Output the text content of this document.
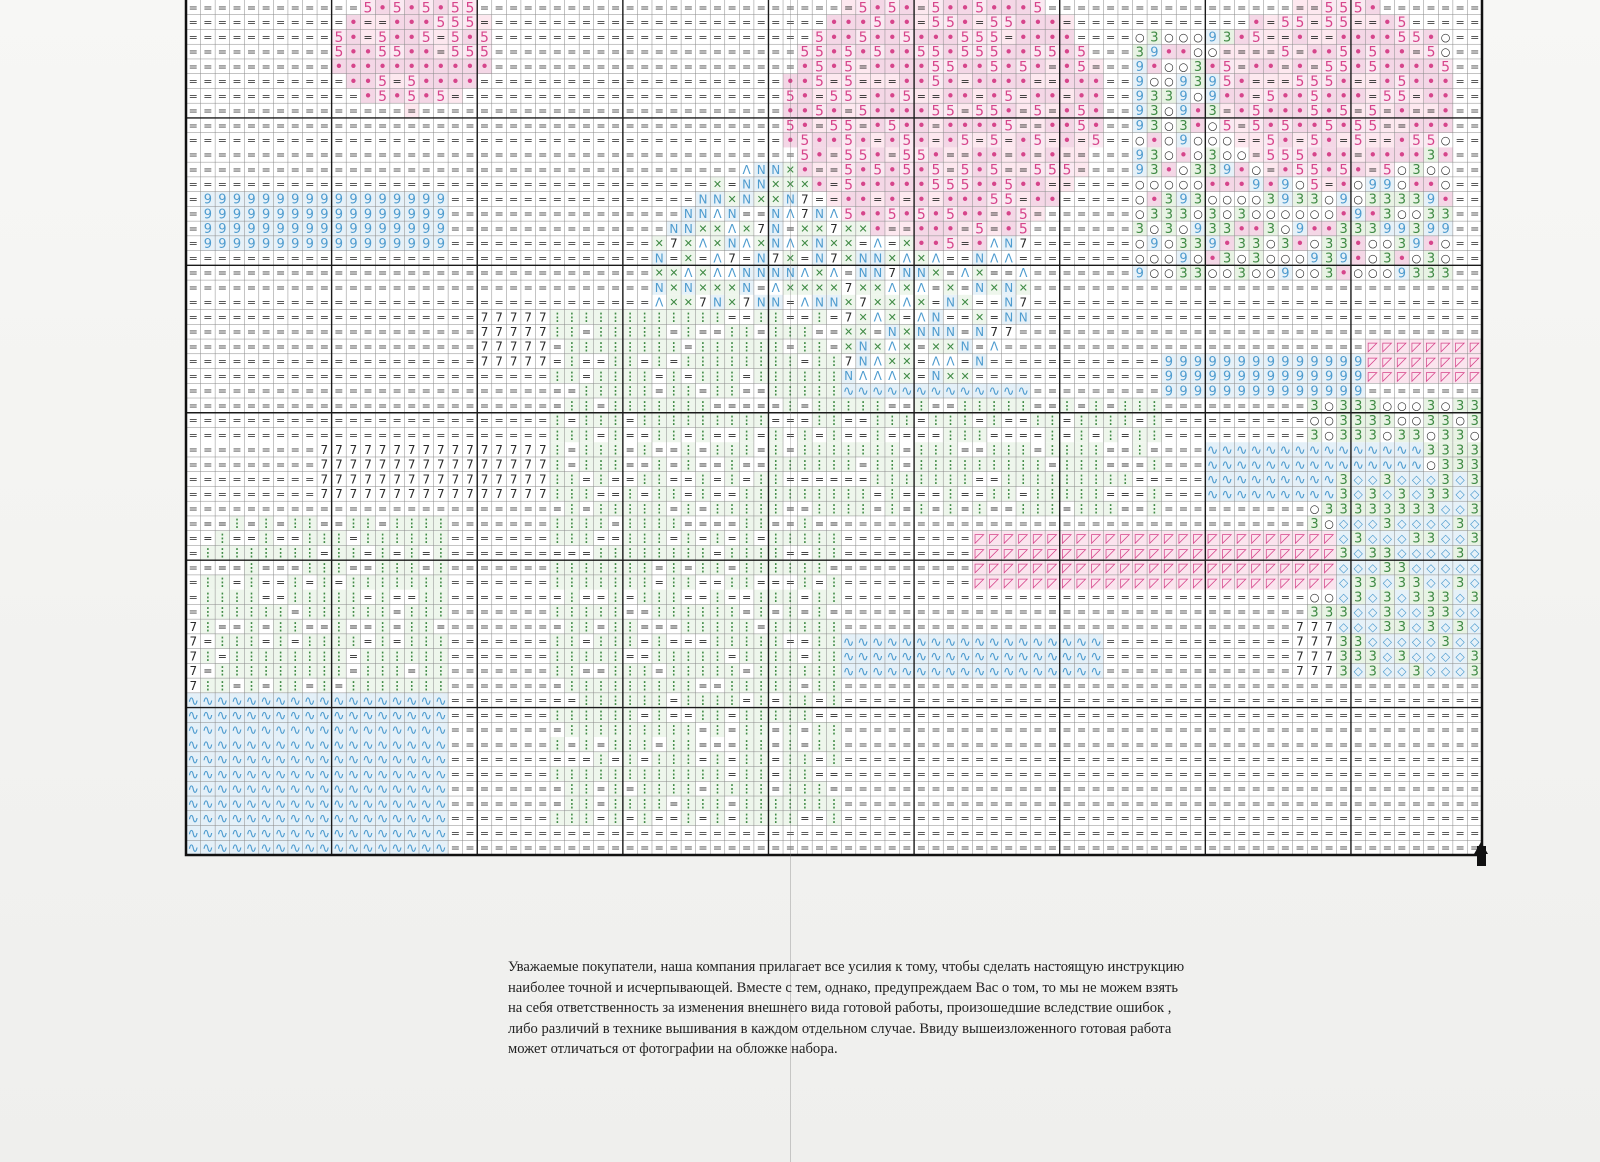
= = = = = = = = = = = = 5 • 5 • 5 • 5 5 = = = = = = = = = = = = = = = = = = = = = = = = = = 5 • 5 • = 5 • • 5 • • • 5 = = = = = = = = = = = = = = = = = = = 5 5 5 • = = = = = = =
= = = = = = = = = = = • = = • • • 5 5 5 = = = = = = = = = = = = = = = = = = = = = = = = • • • 5 • • = 5 5 • = 5 5 • • • = = = = = = = = = = = = = • = 5 5 = 5 5 = = • 5 = = = = =
= = = = = = = = = = 5 • = 5 • • 5 = 5 • 5 = = = = = = = = = = = = = = = = = = = = = = 5 • • 5 • • 5 • • • 5 5 5 = • • • • = = = = ○ 3 ○ ○ ○ 9 3 • 5 = = • = = • • • • 5 5 • ○ = =
= = = = = = = = = = 5 • • 5 5 • • = 5 5 5 = = = = = = = = = = = = = = = = = = = = = 5 5 • 5 • 5 • • 5 5 • 5 5 5 • • 5 5 • 5 = = = 3 9 • • ○ ○ = = = = 5 = • • 5 • 5 • • = 5 ○ = =
= = = = = = = = = = • • • • • • • • • • • = = = = = = = = = = = = = = = = = = = = = • 5 • 5 = • • • • 5 5 • • 5 • 5 • = • 5 = = = 9 • ○ ○ 3 • 5 = • • = • = 5 5 • 5 • • • • 5 = =
= = = = = = = = = = = • • 5 = 5 • • • • = = = = = = = = = = = = = = = = = = = = = • • 5 = 5 = = = • • 5 • = • • • • = = • • • = = 9 ○ ○ 9 3 9 5 • = = = 5 5 5 • = = • 5 • • • = =
= = = = = = = = = = = = • 5 • 5 • 5 = = = = = = = = = = = = = = = = = = = = = = = 5 • = 5 5 = • • 5 = = • • = • 5 = • • = • • = = 9 3 3 9 ○ 9 • • = 5 • • 5 • • • = 5 5 = • • = =
= = = = = = = = = = = = = = = = = = = = = = = = = = = = = = = = = = = = = = = = = • • 5 • = 5 • • • • 5 5 = 5 5 • = 5 = • 5 • = = 9 3 ○ 9 • 3 = • 5 • • • 5 • 5 = 5 = • = = • = =
= = = = = = = = = = = = = = = = = = = = = = = = = = = = = = = = = = = = = = = = = 5 • = 5 5 = • 5 • • = • • • • 5 = = • • 5 • = = 9 3 ○ 3 • ○ 5 = 5 • 5 • • 5 • 5 5 = = • • • = =
= = = = = = = = = = = = = = = = = = = = = = = = = = = = = = = = = = = = = = = = = • 5 • • 5 • = • 5 • = • 5 = 5 = • 5 = • = 5 = = ○ • ○ 9 ○ ○ ○ = = 5 • = 5 • = 5 = = • 5 5 ○ = =
= = = = = = = = = = = = = = = = = = = = = = = = = = = = = = = = = = = = = = = = = = 5 • = 5 5 • = 5 5 • = = • • = • = • = = = = = 9 3 ○ • ○ 3 ○ ○ = 5 5 5 • • • = • • • • 3 • = =
= = = = = = = = = = = = = = = = = = = = = = = = = = = = = = = = = = = = = = Λ Ν Ν ✕ • = = 5 • 5 • 5 • 5 = 5 • 5 = = 5 5 5 = = = = 9 3 • ○ 3 3 9 • ○ = • 5 5 • 5 • = 5 ○ 3 ○ ○ = =
= = = = = = = = = = = = = = = = = = = = = = = = = = = = = = = = = = = = ✕ = Ν Ν ✕ ✕ ✕ • = 5 • • • • • 5 5 5 • • 5 • • = = = = = = ○ ○ ○ ○ ○ • • • 9 • 9 ○ 5 = • ○ 9 9 ○ • • ○ = =
= 9 9 9 9 9 9 9 9 9 9 9 9 9 9 9 9 9 = = = = = = = = = = = = = = = = = Ν Ν ✕ Ν ✕ ✕ Ν 7 = = • • = • = • = • • • 5 5 = • • = = = = = ○ • 3 9 3 ○ ○ ○ ○ 3 9 3 3 ○ 9 ○ 3 3 3 3 9 • = =
= 9 9 9 9 9 9 9 9 9 9 9 9 9 9 9 9 9 = = = = = = = = = = = = = = = = Ν Ν Λ Ν = = Ν Λ 7 Ν Λ 5 • • 5 • 5 • 5 • • = • 5 = = = = = = = ○ 3 3 3 ○ 3 ○ 3 ○ ○ ○ ○ ○ ○ • 9 • 3 ○ ○ 3 3 = =
= 9 9 9 9 9 9 9 9 9 9 9 9 9 9 9 9 9 = = = = = = = = = = = = = = = Ν Ν ✕ ✕ Λ ✕ 7 Ν = ✕ ✕ 7 ✕ ✕ • = = • • • = 5 = • 5 = = = = = = = 3 ○ 3 ○ 9 3 3 • • 3 ○ 9 • • 3 3 3 9 9 3 9 9 = =
= 9 9 9 9 9 9 9 9 9 9 9 9 9 9 9 9 9 = = = = = = = = = = = = = = ✕ 7 ✕ Λ ✕ Ν Λ ✕ Ν Λ ✕ Ν ✕ ✕ = Λ = ✕ • • 5 = • Λ Ν 7 = = = = = = = ○ 9 ○ 3 3 9 • 3 3 ○ 3 • ○ 3 3 • ○ ○ 3 9 • ○ = =
= = = = = = = = = = = = = = = = = = = = = = = = = = = = = = = = Ν = ✕ = Λ 7 = Ν 7 ✕ = Ν 7 ✕ Ν Ν ✕ Λ ✕ Λ = = Ν Λ Λ = = = = = = = = ○ ○ ○ 9 ○ • 3 ○ 3 ○ ○ ○ 9 3 9 • ○ 3 • ○ 3 ○ = =
= = = = = = = = = = = = = = = = = = = = = = = = = = = = = = = = ✕ ✕ Λ ✕ Λ Λ Ν Ν Ν Ν Λ ✕ Λ = Ν Ν 7 Ν Ν ✕ = Λ ✕ = = Λ = = = = = = = 9 ○ ○ 3 3 ○ ○ 3 ○ ○ 9 ○ ○ 3 • ○ ○ ○ 9 3 3 3 = =
= = = = = = = = = = = = = = = = = = = = = = = = = = = = = = = = Ν ✕ Ν ✕ ✕ ✕ Ν = Λ ✕ ✕ ✕ ✕ 7 ✕ ✕ Λ ✕ Λ = ✕ = Ν ✕ Ν ✕ = = = = = = = = = = = = = = = = = = = = = = = = = = = = = = =
= = = = = = = = = = = = = = = = = = = = = = = = = = = = = = = = Λ ✕ ✕ 7 Ν ✕ 7 Ν Ν = Λ Ν Ν ✕ 7 ✕ ✕ Λ ✕ = Ν ✕ = = Ν 7 = = = = = = = = = = = = = = = = = = = = = = = = = = = = = = =
= = = = = = = = = = = = = = = = = = = = 7 7 7 7 7 ⁝ ⁝ ⁝ ⁝ ⁝ ⁝ ⁝ ⁝ ⁝ ⁝ ⁝ ⁝ = = ⁝ ⁝ = = ⁝ = 7 ✕ Λ ✕ = Λ Ν = = ✕ = Ν Ν = = = = = = = = = = = = = = = = = = = = = = = = = = = = = = =
= = = = = = = = = = = = = = = = = = = = 7 7 7 7 7 ⁝ ⁝ = ⁝ ⁝ ⁝ ⁝ ⁝ = ⁝ = = ⁝ ⁝ = ⁝ ⁝ ⁝ = = ✕ ✕ = Ν ✕ Ν Ν Ν = Ν 7 7 = = = = = = = = = = = = = = = = = = = = = = = = = = = = = = = =
= = = = = = = = = = = = = = = = = = = = 7 7 7 7 7 = ⁝ ⁝ ⁝ ⁝ ⁝ ⁝ ⁝ ⁝ = ⁝ ⁝ ⁝ ⁝ ⁝ ⁝ = ⁝ ⁝ = ✕ Ν ✕ Λ ✕ = ✕ ✕ Ν = Λ = = = = = = = = = = = = = = = = = = = = = = = = = ◸ ◸ ◸ ◸ ◸ ◸ ◸ ◸
= = = = = = = = = = = = = = = = = = = = 7 7 7 7 7 = ⁝ = = ⁝ ⁝ = ⁝ = ⁝ ⁝ ⁝ ⁝ ⁝ ⁝ ⁝ ⁝ = ⁝ ⁝ 7 Ν Λ ✕ ✕ = Λ Λ = Ν = = = = = = = = = = = = 9 9 9 9 9 9 9 9 9 9 9 9 9 9 ◸ ◸ ◸ ◸ ◸ ◸ ◸ ◸
= = = = = = = = = = = = = = = = = = = = = = = = = ⁝ ⁝ = ⁝ ⁝ ⁝ ⁝ = ⁝ = ⁝ ⁝ ⁝ = ⁝ ⁝ ⁝ ⁝ ⁝ ⁝ Ν Λ Λ Λ ✕ = Ν ✕ ✕ = = = = = = = = = = = = = 9 9 9 9 9 9 9 9 9 9 9 9 9 9 ◸ ◸ ◸ ◸ ◸ ◸ ◸ ◸
= = = = = = = = = = = = = = = = = = = = = = = = = = = ⁝ ⁝ ⁝ ⁝ ⁝ = ⁝ ⁝ = ⁝ ⁝ = = ⁝ ⁝ ⁝ ⁝ ⁝ ∿ ∿ ∿ ∿ ∿ ∿ ∿ ∿ ∿ ∿ ∿ ∿ ∿ = = = = = = = = = 9 9 9 9 9 9 9 9 9 9 9 9 9 9 = = = = = = = =
= = = = = = = = = = = = = = = = = = = = = = = = = = ⁝ ⁝ = ⁝ ⁝ ⁝ ⁝ ⁝ ⁝ ⁝ = = = = = ⁝ = ⁝ ⁝ ⁝ ⁝ ⁝ = = ⁝ = = ⁝ ⁝ ⁝ ⁝ ⁝ = = ⁝ = ⁝ = ⁝ ⁝ ⁝ = = = = = = = = = = 3 ○ 3 3 3 ○ ○ ○ 3 ○ 3 3
= = = = = = = = = = = = = = = = = = = = = = = = = ⁝ = ⁝ ⁝ ⁝ = ⁝ ⁝ ⁝ ⁝ ⁝ ⁝ ⁝ ⁝ ⁝ = = = ⁝ ⁝ = = ⁝ ⁝ ⁝ = ⁝ ⁝ ⁝ = ⁝ = = ⁝ ⁝ = ⁝ ⁝ ⁝ ⁝ = ⁝ = = = = = = = = = = ○ ○ 3 3 3 3 ○ ○ 3 3 ○ 3
= = = = = = = = = = = = = = = = = = = = = = = = = ⁝ ⁝ ⁝ = ⁝ = = ⁝ ⁝ = ⁝ = = ⁝ = ⁝ = ⁝ = ⁝ = = ⁝ = = = = ⁝ ⁝ ⁝ = = = = ⁝ = ⁝ = ⁝ = ⁝ ⁝ = = = = = = = = = = 3 ○ 3 3 3 ○ 3 3 ○ 3 3 ○
= = = = = = = = = 7 7 7 7 7 7 7 7 7 7 7 7 7 7 7 7 ⁝ = ⁝ ⁝ ⁝ = ⁝ = = ⁝ = ⁝ ⁝ ⁝ = ⁝ = ⁝ ⁝ ⁝ ⁝ ⁝ ⁝ ⁝ = ⁝ ⁝ ⁝ = = ⁝ ⁝ ⁝ = ⁝ ⁝ ⁝ ⁝ = = ⁝ = = = = ∿ ∿ ∿ ∿ ∿ ∿ ∿ ∿ ∿ ∿ ∿ ∿ ∿ ∿ ∿ 3 3 3 3
= = = = = = = = = 7 7 7 7 7 7 7 7 7 7 7 7 7 7 7 7 ⁝ = ⁝ ⁝ ⁝ = = ⁝ = ⁝ = = ⁝ = = ⁝ ⁝ ⁝ ⁝ ⁝ ⁝ = ⁝ ⁝ = ⁝ ⁝ ⁝ ⁝ ⁝ ⁝ ⁝ ⁝ ⁝ = ⁝ ⁝ ⁝ = = = ⁝ = = = ∿ ∿ ∿ ∿ ∿ ∿ ∿ ∿ ∿ ∿ ∿ ∿ ∿ ∿ ∿ ○ 3 3 3
= = = = = = = = = 7 7 7 7 7 7 7 7 7 7 7 7 7 7 7 7 ⁝ ⁝ = ⁝ = = ⁝ ⁝ = = ⁝ = ⁝ = ⁝ ⁝ = = = = = = ⁝ ⁝ ⁝ ⁝ ⁝ ⁝ ⁝ = = ⁝ ⁝ ⁝ ⁝ ⁝ ⁝ ⁝ ⁝ ⁝ = = = = = ∿ ∿ ∿ ∿ ∿ ∿ ∿ ∿ ∿ 3 ◇ ◇ 3 ◇ ◇ ◇ 3 ◇ 3
= = = = = = = = = 7 7 7 7 7 7 7 7 7 7 7 7 7 7 7 7 ⁝ ⁝ ⁝ = = ⁝ = ⁝ ⁝ = ⁝ = = ⁝ ⁝ ⁝ ⁝ ⁝ ⁝ ⁝ ⁝ ⁝ = ⁝ = = = ⁝ = = ⁝ ⁝ = ⁝ ⁝ ⁝ ⁝ ⁝ = = = ⁝ = = = ∿ ∿ ∿ ∿ ∿ ∿ ∿ ∿ ∿ 3 ◇ 3 ◇ 3 ◇ 3 3 ◇ ◇
= = = = = = = = = = = = = = = = = = = = = = = = = = ⁝ = ⁝ ⁝ ⁝ ⁝ ⁝ = ⁝ = ⁝ ⁝ ⁝ ⁝ ⁝ = = ⁝ ⁝ ⁝ ⁝ = ⁝ = ⁝ = ⁝ = ⁝ = = ⁝ ⁝ ⁝ = ⁝ ⁝ ⁝ = = ⁝ = = = = = = = = = = ○ 3 3 3 3 3 3 3 3 ◇ ◇ 3
= = = ⁝ = ⁝ = ⁝ ⁝ = = ⁝ ⁝ = ⁝ ⁝ ⁝ ⁝ = = = = = = = ⁝ ⁝ ⁝ ⁝ = ⁝ ⁝ ⁝ ⁝ = = = = ⁝ ⁝ = = ⁝ = = = = = = = = = = = = = = = = = = = = = = = = = = = = = = = = = = 3 ○ ◇ ◇ ◇ 3 ◇ ◇ ◇ ◇ 3 ◇
= = ⁝ = = ⁝ = = ⁝ ⁝ ⁝ = ⁝ ⁝ ⁝ ⁝ ⁝ ⁝ = = = = = = = ⁝ ⁝ ⁝ = = ⁝ ⁝ ⁝ = ⁝ = ⁝ = ⁝ = ⁝ ⁝ ⁝ ⁝ ⁝ = = = = = = = = = ◸ ◸ ◸ ◸ ◸ ◸ ◸ ◸ ◸ ◸ ◸ ◸ ◸ ◸ ◸ ◸ ◸ ◸ ◸ ◸ ◸ ◸ ◸ ◸ ◸ ◇ 3 ◇ ◇ ◇ 3 3 ◇ ◇ 3
= ⁝ ⁝ ⁝ ⁝ ⁝ ⁝ ⁝ ⁝ = ⁝ ⁝ = ⁝ = ⁝ = ⁝ = = = = = = = = = = ⁝ ⁝ ⁝ ⁝ ⁝ ⁝ ⁝ ⁝ = ⁝ ⁝ ⁝ ⁝ = = ⁝ ⁝ = = = = = = = = = ◸ ◸ ◸ ◸ ◸ ◸ ◸ ◸ ◸ ◸ ◸ ◸ ◸ ◸ ◸ ◸ ◸ ◸ ◸ ◸ ◸ ◸ ◸ ◸ ◸ 3 ◇ 3 3 ◇ ◇ ◇ ◇ 3 ◇
= = = = ⁝ = = = ⁝ ⁝ ⁝ = = ⁝ ⁝ ⁝ = ⁝ = = = = = = = ⁝ ⁝ ⁝ ⁝ ⁝ ⁝ ⁝ = ⁝ = ⁝ ⁝ = ⁝ ⁝ ⁝ ⁝ ⁝ ⁝ = = = = = = = = = = ◸ ◸ ◸ ◸ ◸ ◸ ◸ ◸ ◸ ◸ ◸ ◸ ◸ ◸ ◸ ◸ ◸ ◸ ◸ ◸ ◸ ◸ ◸ ◸ ◸ ◇ ◇ ◇ 3 3 ◇ ◇ ◇ ◇ ◇
= ⁝ ⁝ = ⁝ = = ⁝ = ⁝ = ⁝ ⁝ ⁝ ⁝ ⁝ ⁝ ⁝ = = = = = = = ⁝ ⁝ ⁝ ⁝ ⁝ ⁝ ⁝ = ⁝ ⁝ = = ⁝ ⁝ = = = ⁝ = ⁝ = = = = = = = = = ◸ ◸ ◸ ◸ ◸ ◸ ◸ ◸ ◸ ◸ ◸ ◸ ◸ ◸ ◸ ◸ ◸ ◸ ◸ ◸ ◸ ◸ ◸ ◸ ◸ ◇ 3 3 ◇ 3 3 ◇ ◇ 3 ◇
= ⁝ ⁝ ⁝ ⁝ = = ⁝ ⁝ ⁝ ⁝ ⁝ = ⁝ = = ⁝ ⁝ = = = = = = = = ⁝ = = ⁝ = ⁝ ⁝ ⁝ = = ⁝ = = ⁝ ⁝ ⁝ = ⁝ ⁝ = = = = = = = = = = = = = = = = = = = = = = = = = = = = = = = = ○ ○ ◇ 3 ◇ 3 ◇ 3 3 3 ◇ 3
= ⁝ ⁝ ⁝ ⁝ ⁝ ⁝ = ⁝ ⁝ ⁝ ⁝ ⁝ ⁝ = ⁝ ⁝ ⁝ = = = = = = = ⁝ ⁝ ⁝ ⁝ ⁝ = = ⁝ ⁝ ⁝ ⁝ ⁝ ⁝ = ⁝ = ⁝ = ⁝ = = = = = = = = = = = = = = = = = = = = = = = = = = = = = = = = = 3 3 3 ◇ ◇ 3 ◇ ◇ 3 3 ◇ ◇
7 ⁝ = = ⁝ = ⁝ ⁝ = = ⁝ = = ⁝ = ⁝ ⁝ = = = = = = = = = ⁝ ⁝ = ⁝ ⁝ = = = ⁝ ⁝ ⁝ ⁝ ⁝ = ⁝ ⁝ ⁝ ⁝ ⁝ = = = = = = = = = = = = = = = = = = = = = = = = = = = = = = = 7 7 7 ◇ ◇ ◇ 3 3 ◇ 3 ◇ 3 ◇
7 = ⁝ ⁝ ⁝ = ⁝ = ⁝ ⁝ ⁝ ⁝ = ⁝ = ⁝ ⁝ ⁝ = = = = = = = ⁝ ⁝ = ⁝ ⁝ ⁝ = ⁝ = = = ⁝ ⁝ ⁝ ⁝ ⁝ = = ⁝ ⁝ ∿ ∿ ∿ ∿ ∿ ∿ ∿ ∿ ∿ ∿ ∿ ∿ ∿ ∿ ∿ ∿ ∿ ∿ = = = = = = = = = = = = = 7 7 7 3 3 ◇ ◇ ◇ ◇ ◇ 3 ◇ ◇
7 ⁝ = ⁝ ⁝ ⁝ ⁝ ⁝ ⁝ ⁝ ⁝ = ⁝ ⁝ ⁝ ⁝ ⁝ ⁝ = = = = = = = ⁝ ⁝ ⁝ ⁝ ⁝ = = ⁝ ⁝ ⁝ ⁝ ⁝ = ⁝ ⁝ ⁝ ⁝ = ⁝ ⁝ ∿ ∿ ∿ ∿ ∿ ∿ ∿ ∿ ∿ ∿ ∿ ∿ ∿ ∿ ∿ ∿ ∿ ∿ = = = = = = = = = = = = = 7 7 7 3 3 3 ◇ 3 ◇ ◇ ◇ ◇ 3
7 = ⁝ ⁝ ⁝ ⁝ ⁝ ⁝ ⁝ ⁝ ⁝ = ⁝ ⁝ ⁝ = ⁝ ⁝ = = = = = = = ⁝ ⁝ = = ⁝ ⁝ ⁝ = ⁝ ⁝ ⁝ ⁝ ⁝ = ⁝ ⁝ ⁝ ⁝ ⁝ ⁝ ∿ ∿ ∿ ∿ ∿ ∿ ∿ ∿ ∿ ∿ ∿ ∿ ∿ ∿ ∿ ∿ ∿ ∿ = = = = = = = = = = = = = 7 7 7 3 ◇ 3 ◇ ◇ 3 ◇ ◇ ◇ 3
7 ⁝ ⁝ = ⁝ = ⁝ ⁝ = ⁝ = ⁝ ⁝ ⁝ ⁝ ⁝ ⁝ ⁝ = = = = = = = = ⁝ ⁝ ⁝ ⁝ ⁝ ⁝ ⁝ ⁝ ⁝ = = ⁝ ⁝ ⁝ ⁝ ⁝ = ⁝ ⁝ = = = = = = = = = = = = = = = = = = = = = = = = = = = = = = = = = = = = = = = = = = = =
∿ ∿ ∿ ∿ ∿ ∿ ∿ ∿ ∿ ∿ ∿ ∿ ∿ ∿ ∿ ∿ ∿ ∿ = = = = = = = = = ⁝ ⁝ ⁝ ⁝ ⁝ ⁝ = ⁝ ⁝ ⁝ ⁝ = ⁝ = ⁝ ⁝ = ⁝ = = = = = = = = = = = = = = = = = = = = = = = = = = = = = = = = = = = = = = = = = = = =
∿ ∿ ∿ ∿ ∿ ∿ ∿ ∿ ∿ ∿ ∿ ∿ ∿ ∿ ∿ ∿ ∿ ∿ = = = = = = = ⁝ ⁝ ⁝ ⁝ ⁝ ⁝ = ⁝ = = ⁝ ⁝ = ⁝ ⁝ ⁝ ⁝ ⁝ = = = = = = = = = = = = = = = = = = = = = = = = = = = = = = = = = = = = = = = = = = = = = =
∿ ∿ ∿ ∿ ∿ ∿ ∿ ∿ ∿ ∿ ∿ ∿ ∿ ∿ ∿ ∿ ∿ ∿ = = = = = = = = ⁝ ⁝ ⁝ ⁝ ⁝ ⁝ ⁝ ⁝ ⁝ = ⁝ = ⁝ ⁝ = ⁝ = ⁝ ⁝ = = = = = = = = = = = = = = = = = = = = = = = = = = = = = = = = = = = = = = = = = = = =
∿ ∿ ∿ ∿ ∿ ∿ ∿ ∿ ∿ ∿ ∿ ∿ ∿ ∿ ∿ ∿ ∿ ∿ = = = = = = = ⁝ = ⁝ = ⁝ ⁝ ⁝ = ⁝ ⁝ = = = ⁝ ⁝ = ⁝ = ⁝ ⁝ = = = = = = = = = = = = = = = = = = = = = = = = = = = = = = = = = = = = = = = = = = = =
∿ ∿ ∿ ∿ ∿ ∿ ∿ ∿ ∿ ∿ ∿ ∿ ∿ ∿ ∿ ∿ ∿ ∿ = = = = = = = = = = ⁝ = ⁝ = ⁝ ⁝ ⁝ = ⁝ = ⁝ ⁝ = ⁝ ⁝ = ⁝ = = = = = = = = = = = = = = = = = = = = = = = = = = = = = = = = = = = = = = = = = = = =
∿ ∿ ∿ ∿ ∿ ∿ ∿ ∿ ∿ ∿ ∿ ∿ ∿ ∿ ∿ ∿ ∿ ∿ = = = = = = = ⁝ ⁝ ⁝ ⁝ ⁝ ⁝ ⁝ ⁝ ⁝ ⁝ ⁝ ⁝ = ⁝ ⁝ = ⁝ ⁝ = = = = = = = = = = = = = = = = = = = = = = = = = = = = = = = = = = = = = = = = = = = = = =
∿ ∿ ∿ ∿ ∿ ∿ ∿ ∿ ∿ ∿ ∿ ∿ ∿ ∿ ∿ ∿ ∿ ∿ = = = = = = = = ⁝ ⁝ = ⁝ = ⁝ ⁝ ⁝ ⁝ = ⁝ ⁝ ⁝ ⁝ = ⁝ ⁝ ⁝ = = = = = = = = = = = = = = = = = = = = = = = = = = = = = = = = = = = = = = = = = = = = =
∿ ∿ ∿ ∿ ∿ ∿ ∿ ∿ ∿ ∿ ∿ ∿ ∿ ∿ ∿ ∿ ∿ ∿ = = = = = = = = ⁝ ⁝ = ⁝ ⁝ ⁝ ⁝ = ⁝ ⁝ ⁝ = ⁝ ⁝ ⁝ ⁝ ⁝ ⁝ ⁝ = = = = = = = = = = = = = = = = = = = = = = = = = = = = = = = = = = = = = = = = = = = =
∿ ∿ ∿ ∿ ∿ ∿ ∿ ∿ ∿ ∿ ∿ ∿ ∿ ∿ ∿ ∿ ∿ ∿ = = = = = = = ⁝ ⁝ ⁝ = ⁝ = ⁝ = = ⁝ = ⁝ = ⁝ ⁝ ⁝ ⁝ = = ⁝ = = = = = = = = = = = = = = = = = = = = = = = = = = = = = = = = = = = = = = = = = = = =
∿ ∿ ∿ ∿ ∿ ∿ ∿ ∿ ∿ ∿ ∿ ∿ ∿ ∿ ∿ ∿ ∿ ∿ = = = = = = = = = = = = = = = = = = = = = = = = = = = = = = = = = = = = = = = = = = = = = = = = = = = = = = = = = = = = = = = = = = = = = = =
∿ ∿ ∿ ∿ ∿ ∿ ∿ ∿ ∿ ∿ ∿ ∿ ∿ ∿ ∿ ∿ ∿ ∿ = = = = = = = = = = = = = = = = = = = = = = = = = = = = = = = = = = = = = = = = = = = = = = = = = = = = = = = = = = = = = = = = = = = = = = =
Уважаемые покупатели, наша компания прилагает все усилия к тому, чтобы сделать настоящую инструкцию
наиболее точной и исчерпывающей. Вместе с тем, однако, предупреждаем Вас о том, то мы не можем взять
на себя ответственность за изменения внешнего вида готовой работы, произошедшие вследствие ошибок ,
либо различий в технике вышивания в каждом отдельном случае. Ввиду вышеизложенного готовая работа
может отличаться от фотографии на обложке набора.
